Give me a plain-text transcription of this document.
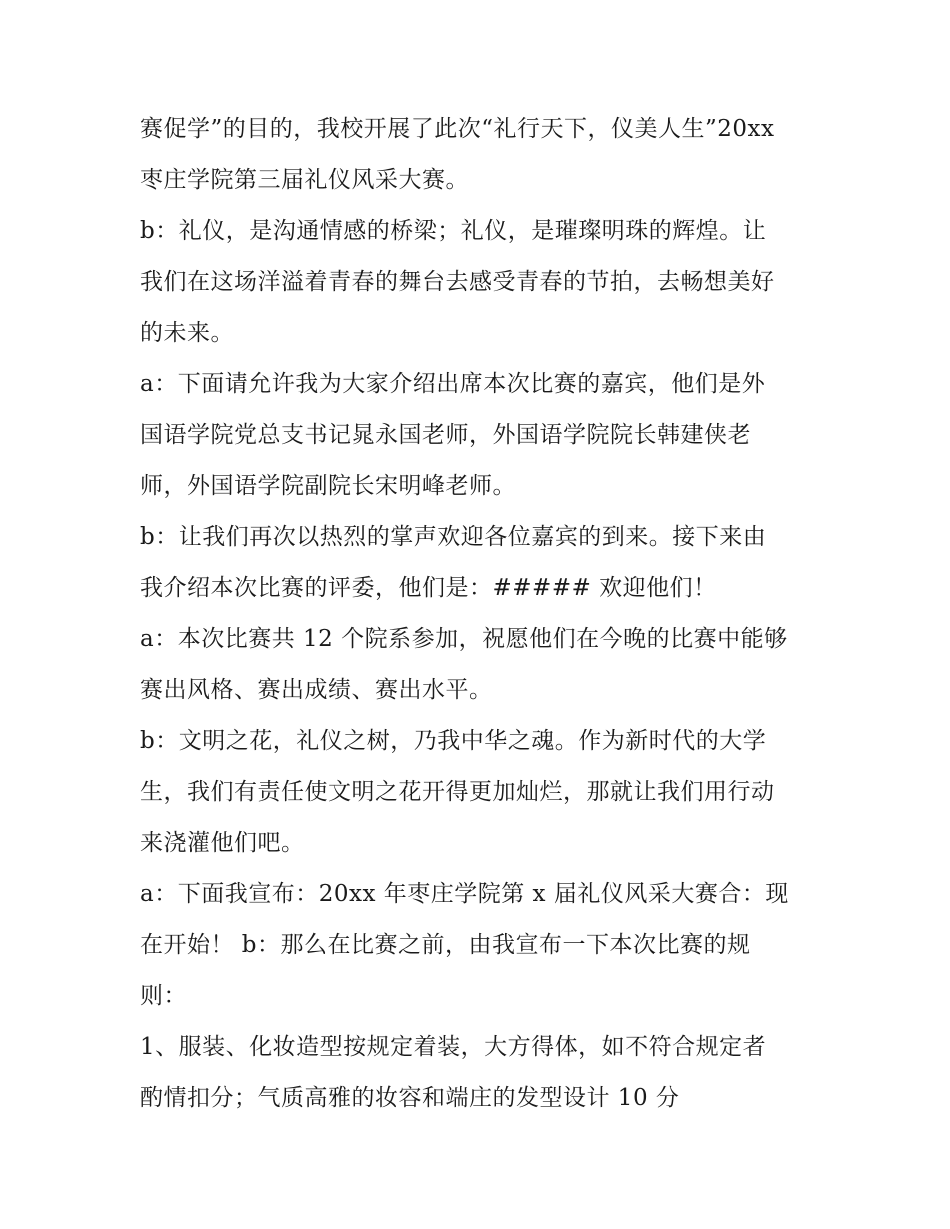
赛促学”的目的，我校开展了此次“礼行天下，仪美人生”20xx
枣庄学院第三届礼仪风采大赛。

b：礼仪，是沟通情感的桥梁；礼仪，是璀璨明珠的辉煌。让
我们在这场洋溢着青春的舞台去感受青春的节拍，去畅想美好
的未来。

a：下面请允许我为大家介绍出席本次比赛的嘉宾，他们是外
国语学院党总支书记晁永国老师，外国语学院院长韩建侠老
师，外国语学院副院长宋明峰老师。

b：让我们再次以热烈的掌声欢迎各位嘉宾的到来。接下来由
我介绍本次比赛的评委，他们是：##### 欢迎他们！

a：本次比赛共 12 个院系参加，祝愿他们在今晚的比赛中能够
赛出风格、赛出成绩、赛出水平。

b：文明之花，礼仪之树，乃我中华之魂。作为新时代的大学
生，我们有责任使文明之花开得更加灿烂，那就让我们用行动
来浇灌他们吧。

a：下面我宣布：20xx 年枣庄学院第 x 届礼仪风采大赛合：现
在开始！ b：那么在比赛之前，由我宣布一下本次比赛的规
则：

1、服装、化妆造型按规定着装，大方得体，如不符合规定者
酌情扣分；气质高雅的妆容和端庄的发型设计 10 分
